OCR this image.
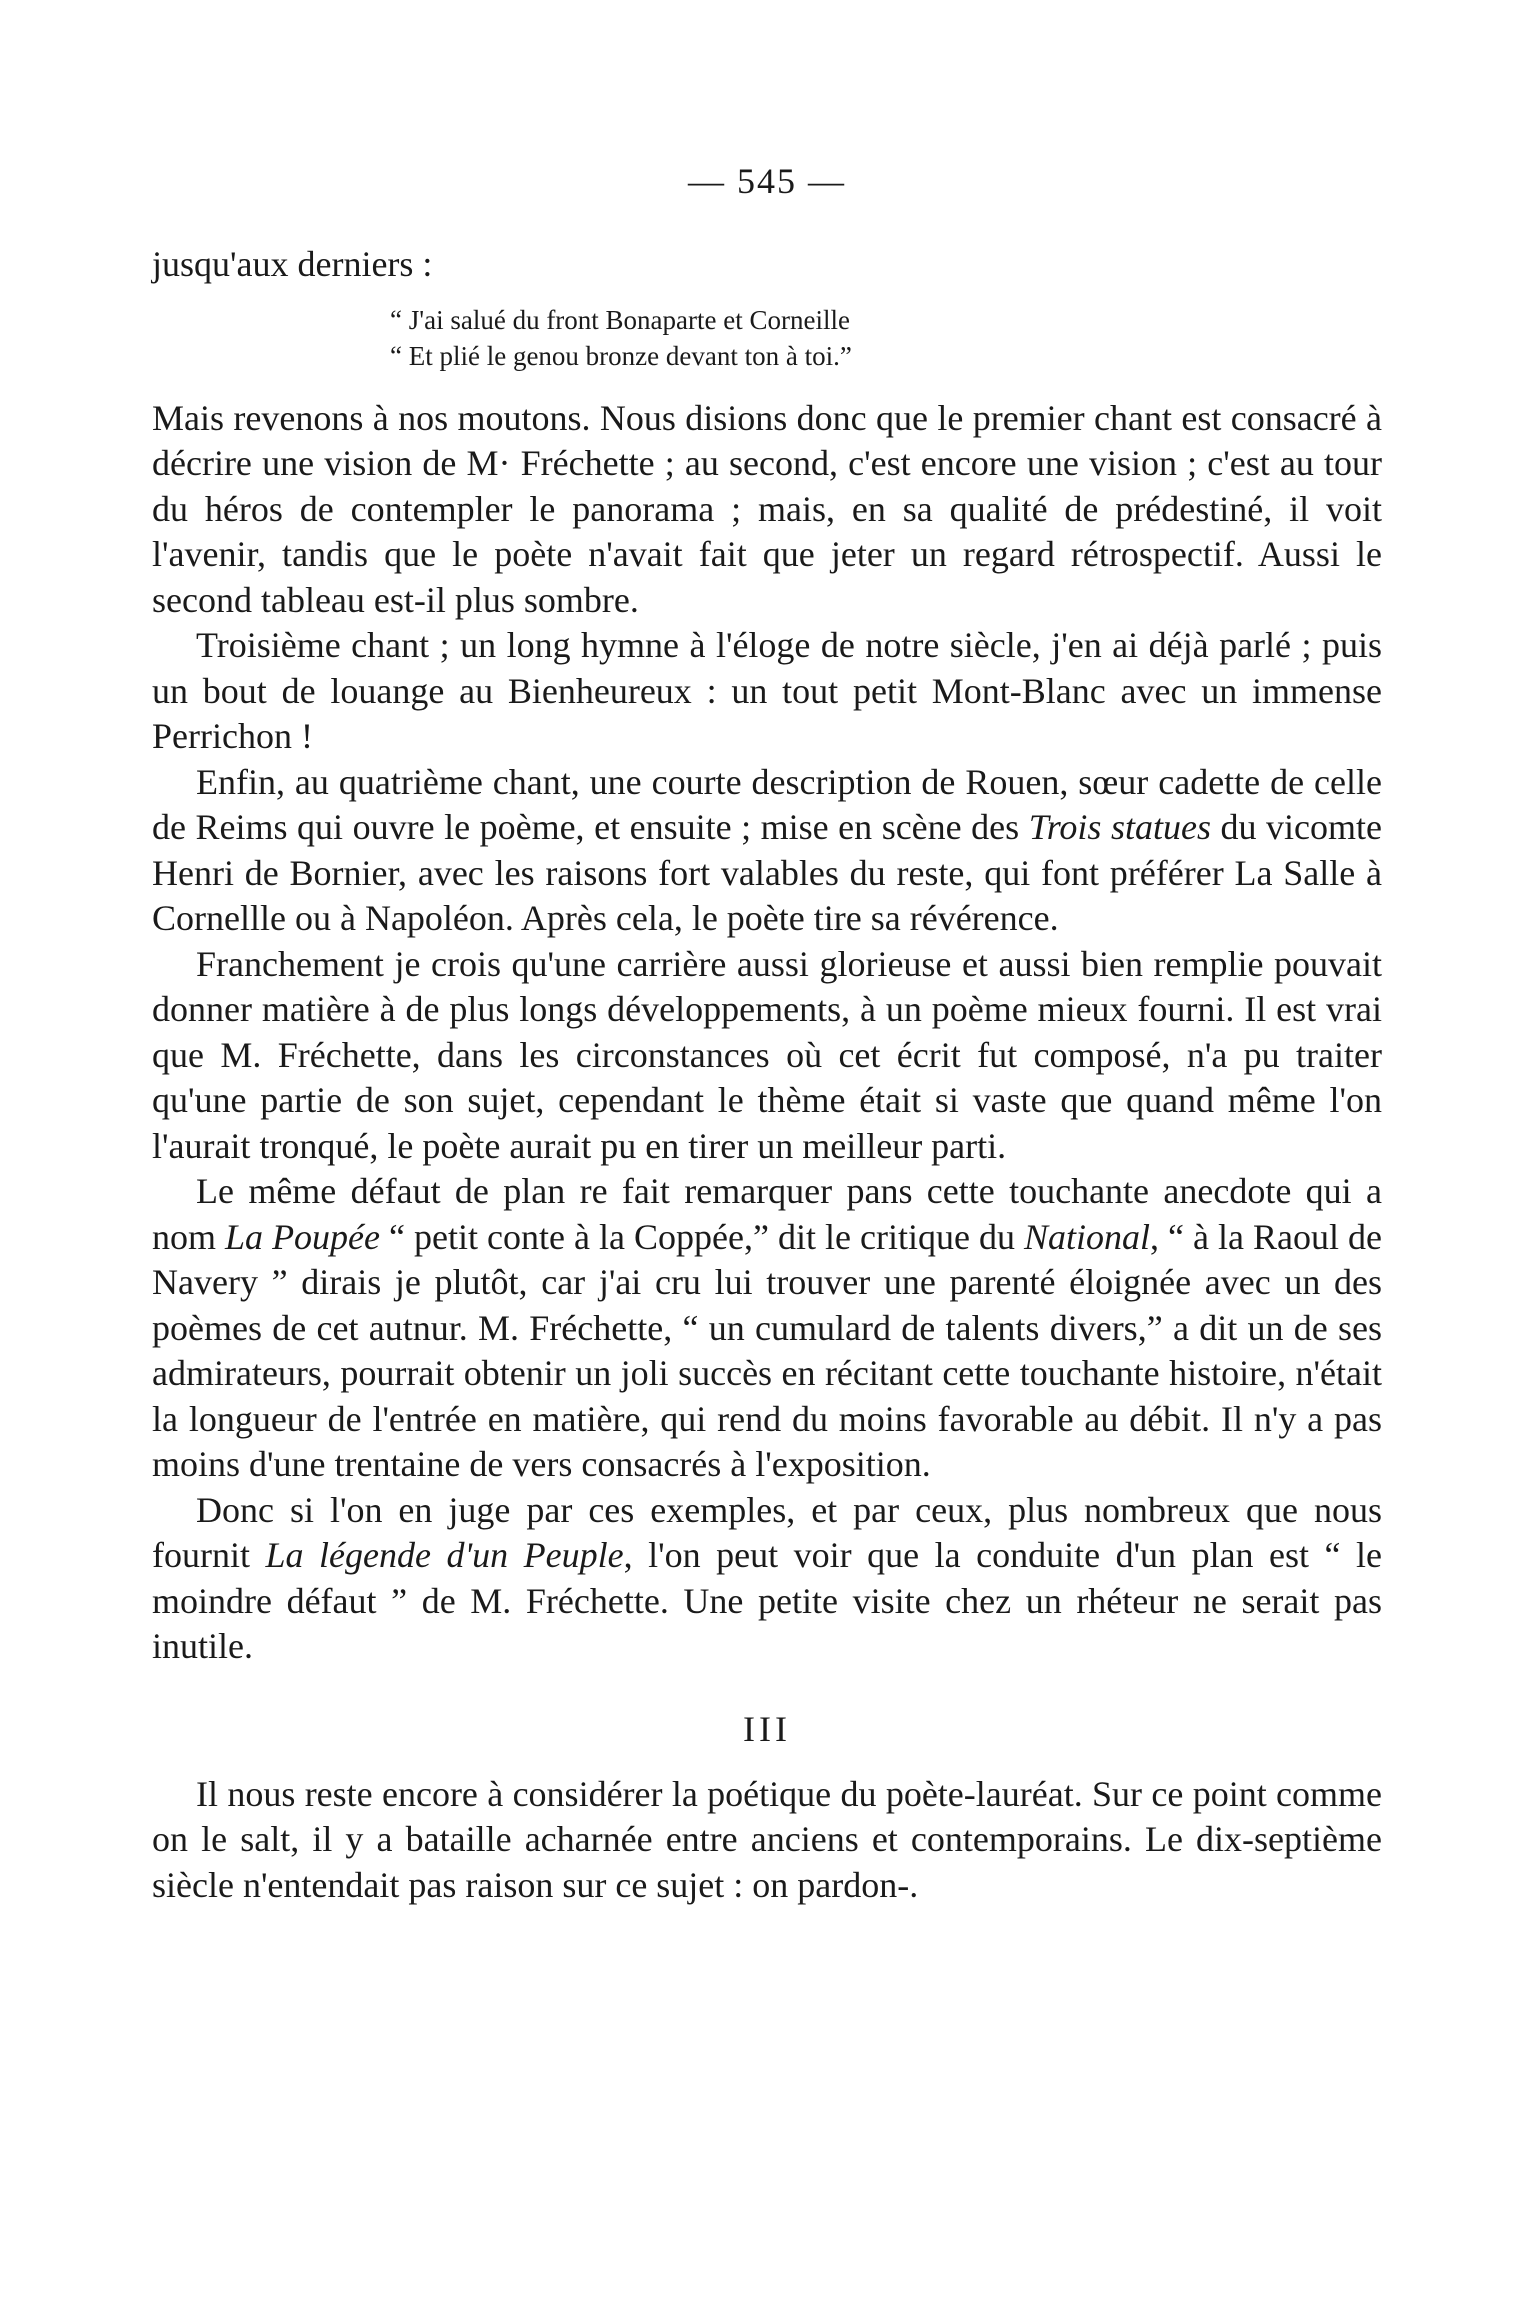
— 545 —

jusqu'aux derniers :

“ J'ai salué du front Bonaparte et Corneille
“ Et plié le genou bronze devant ton à toi.”

Mais revenons à nos moutons. Nous disions donc que le premier chant est consacré à décrire une vision de M· Fréchette ; au second, c'est encore une vision ; c'est au tour du héros de contempler le panorama ; mais, en sa qualité de prédestiné, il voit l'avenir, tandis que le poète n'avait fait que jeter un regard rétrospectif. Aussi le second tableau est-il plus sombre.

Troisième chant ; un long hymne à l'éloge de notre siècle, j'en ai déjà parlé ; puis un bout de louange au Bienheureux : un tout petit Mont-Blanc avec un immense Perrichon !

Enfin, au quatrième chant, une courte description de Rouen, sœur cadette de celle de Reims qui ouvre le poème, et ensuite ; mise en scène des Trois statues du vicomte Henri de Bornier, avec les raisons fort valables du reste, qui font préférer La Salle à Cornellle ou à Napoléon. Après cela, le poète tire sa révérence.

Franchement je crois qu'une carrière aussi glorieuse et aussi bien remplie pouvait donner matière à de plus longs développements, à un poème mieux fourni. Il est vrai que M. Fréchette, dans les circonstances où cet écrit fut composé, n'a pu traiter qu'une partie de son sujet, cependant le thème était si vaste que quand même l'on l'aurait tronqué, le poète aurait pu en tirer un meilleur parti.

Le même défaut de plan re fait remarquer pans cette touchante anecdote qui a nom La Poupée “ petit conte à la Coppée,” dit le critique du National, “ à la Raoul de Navery ” dirais je plutôt, car j'ai cru lui trouver une parenté éloignée avec un des poèmes de cet autnur. M. Fréchette, “ un cumulard de talents divers,” a dit un de ses admirateurs, pourrait obtenir un joli succès en récitant cette touchante histoire, n'était la longueur de l'entrée en matière, qui rend du moins favorable au débit. Il n'y a pas moins d'une trentaine de vers consacrés à l'exposition.

Donc si l'on en juge par ces exemples, et par ceux, plus nombreux que nous fournit La légende d'un Peuple, l'on peut voir que la conduite d'un plan est “ le moindre défaut ” de M. Fréchette. Une petite visite chez un rhéteur ne serait pas inutile.

III

Il nous reste encore à considérer la poétique du poète-lauréat. Sur ce point comme on le salt, il y a bataille acharnée entre anciens et contemporains. Le dix-septième siècle n'entendait pas raison sur ce sujet : on pardon-.
